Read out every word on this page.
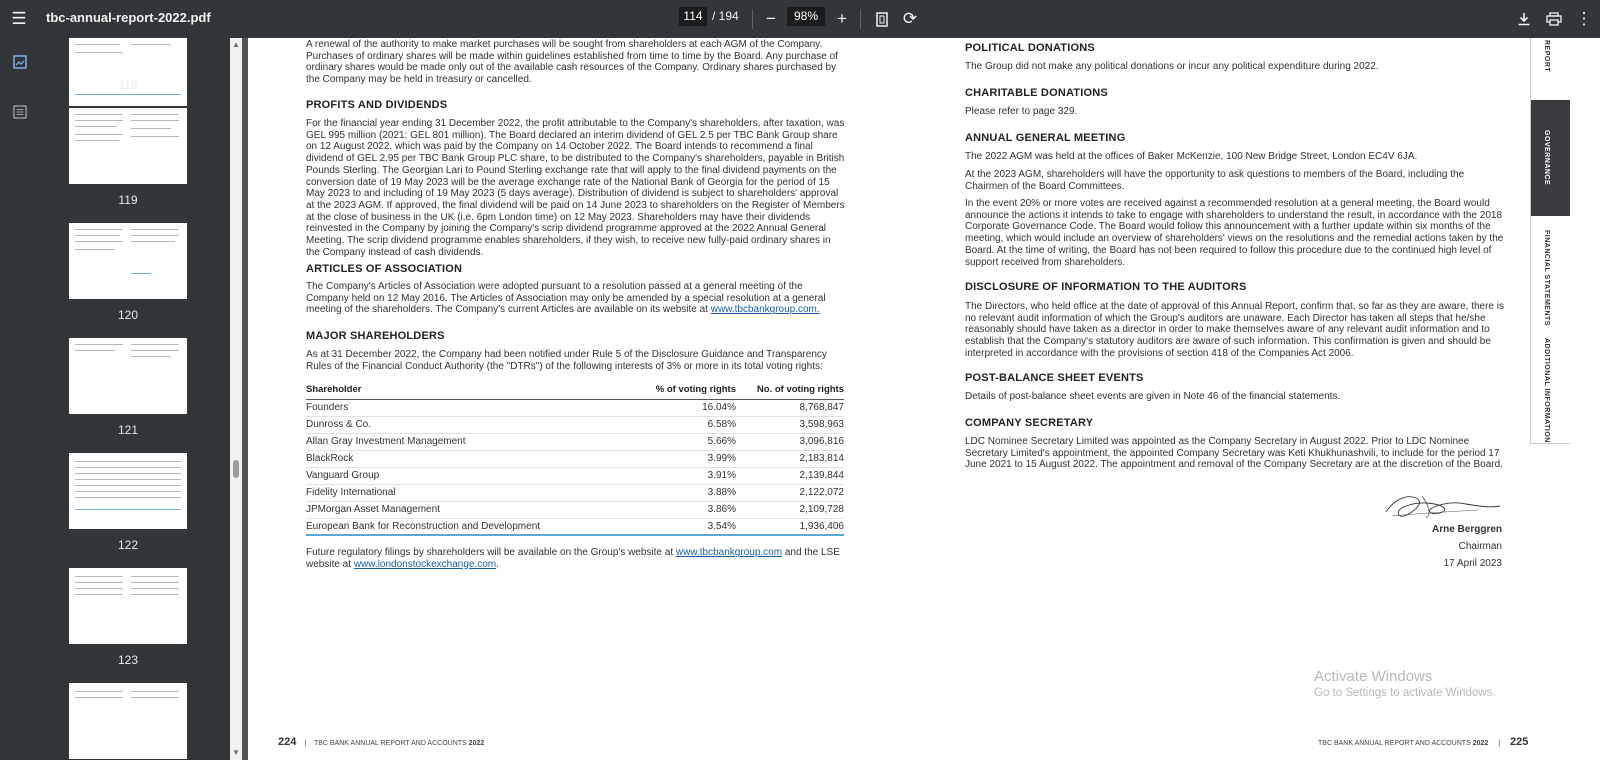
☰	tbc-annual-report-2022.pdf	114 / 194	−	98%	+	⟳	⋮
118
119
120
121
122
123
▲
▼

A renewal of the authority to make market purchases will be sought from shareholders at each AGM of the Company. Purchases of ordinary shares will be made within guidelines established from time to time by the Board. Any purchase of ordinary shares would be made only out of the available cash resources of the Company. Ordinary shares purchased by the Company may be held in treasury or cancelled.

PROFITS AND DIVIDENDS

For the financial year ending 31 December 2022, the profit attributable to the Company's shareholders, after taxation, was GEL 995 million (2021: GEL 801 million). The Board declared an interim dividend of GEL 2.5 per TBC Bank Group share on 12 August 2022, which was paid by the Company on 14 October 2022. The Board intends to recommend a final dividend of GEL 2.95 per TBC Bank Group PLC share, to be distributed to the Company's shareholders, payable in British Pounds Sterling. The Georgian Lari to Pound Sterling exchange rate that will apply to the final dividend payments on the conversion date of 19 May 2023 will be the average exchange rate of the National Bank of Georgia for the period of 15 May 2023 to and including of 19 May 2023 (5 days average). Distribution of dividend is subject to shareholders' approval at the 2023 AGM. If approved, the final dividend will be paid on 14 June 2023 to shareholders on the Register of Members at the close of business in the UK (i.e. 6pm London time) on 12 May 2023. Shareholders may have their dividends reinvested in the Company by joining the Company's scrip dividend programme approved at the 2022 Annual General Meeting. The scrip dividend programme enables shareholders, if they wish, to receive new fully-paid ordinary shares in the Company instead of cash dividends.

ARTICLES OF ASSOCIATION

The Company's Articles of Association were adopted pursuant to a resolution passed at a general meeting of the Company held on 12 May 2016. The Articles of Association may only be amended by a special resolution at a general meeting of the shareholders. The Company's current Articles are available on its website at www.tbcbankgroup.com.

MAJOR SHAREHOLDERS

As at 31 December 2022, the Company had been notified under Rule 5 of the Disclosure Guidance and Transparency Rules of the Financial Conduct Authority (the "DTRs") of the following interests of 3% or more in its total voting rights:

Shareholder	% of voting rights	No. of voting rights
Founders	16.04%	8,768,847
Dunross & Co.	6.58%	3,598,963
Allan Gray Investment Management	5.66%	3,096,816
BlackRock	3.99%	2,183,814
Vanguard Group	3.91%	2,139,844
Fidelity International	3.88%	2,122,072
JPMorgan Asset Management	3.86%	2,109,728
European Bank for Reconstruction and Development	3.54%	1,936,406

Future regulatory filings by shareholders will be available on the Group's website at www.tbcbankgroup.com and the LSE website at www.londonstockexchange.com.

224 | TBC BANK ANNUAL REPORT AND ACCOUNTS 2022

POLITICAL DONATIONS

The Group did not make any political donations or incur any political expenditure during 2022.

CHARITABLE DONATIONS

Please refer to page 329.

ANNUAL GENERAL MEETING

The 2022 AGM was held at the offices of Baker McKenzie, 100 New Bridge Street, London EC4V 6JA.

At the 2023 AGM, shareholders will have the opportunity to ask questions to members of the Board, including the Chairmen of the Board Committees.

In the event 20% or more votes are received against a recommended resolution at a general meeting, the Board would announce the actions it intends to take to engage with shareholders to understand the result, in accordance with the 2018 Corporate Governance Code. The Board would follow this announcement with a further update within six months of the meeting, which would include an overview of shareholders' views on the resolutions and the remedial actions taken by the Board. At the time of writing, the Board has not been required to follow this procedure due to the continued high level of support received from shareholders.

DISCLOSURE OF INFORMATION TO THE AUDITORS

The Directors, who held office at the date of approval of this Annual Report, confirm that, so far as they are aware, there is no relevant audit information of which the Group's auditors are unaware. Each Director has taken all steps that he/she reasonably should have taken as a director in order to make themselves aware of any relevant audit information and to establish that the Company's statutory auditors are aware of such information. This confirmation is given and should be interpreted in accordance with the provisions of section 418 of the Companies Act 2006.

POST-BALANCE SHEET EVENTS

Details of post-balance sheet events are given in Note 46 of the financial statements.

COMPANY SECRETARY

LDC Nominee Secretary Limited was appointed as the Company Secretary in August 2022. Prior to LDC Nominee Secretary Limited's appointment, the appointed Company Secretary was Keti Khukhunashvili, to include for the period 17 June 2021 to 15 August 2022. The appointment and removal of the Company Secretary are at the discretion of the Board.

Arne Berggren

Chairman

17 April 2023

TBC BANK ANNUAL REPORT AND ACCOUNTS 2022 | 225
REPORT
GOVERNANCE
FINANCIAL STATEMENTS
ADDITIONAL INFORMATION
Activate Windows
Go to Settings to activate Windows.
